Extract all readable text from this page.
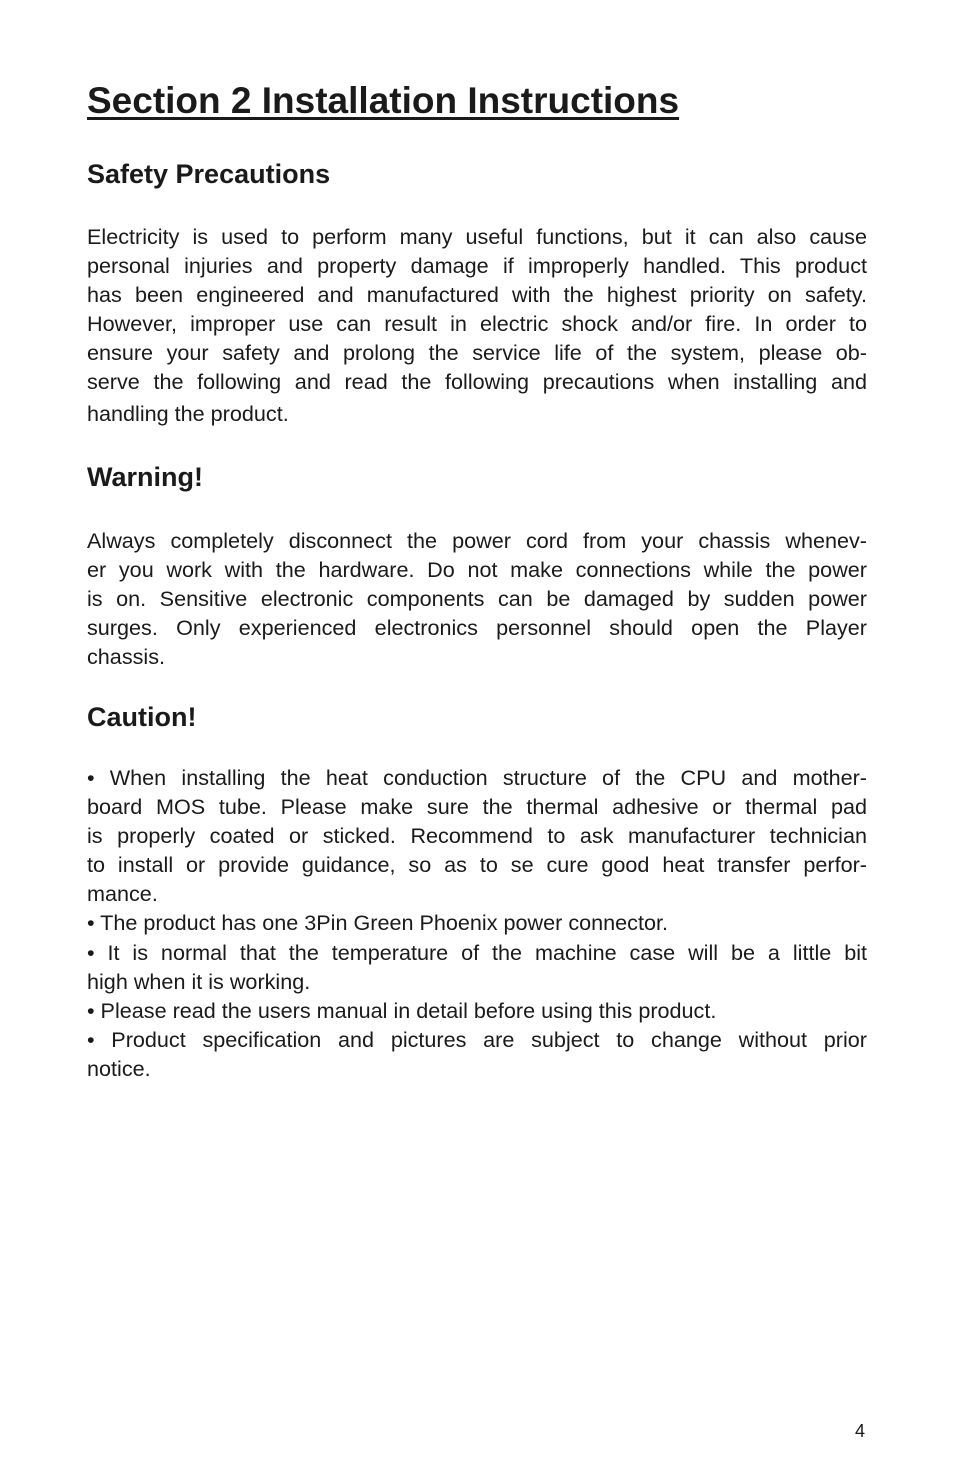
Section 2 Installation Instructions
Safety Precautions
Electricity is used to perform many useful functions, but it can also cause
personal injuries and property damage if improperly handled. This product
has been engineered and manufactured with the highest priority on safety.
However, improper use can result in electric shock and/or fire. In order to
ensure your safety and prolong the service life of the system, please ob-
serve the following and read the following precautions when installing and
handling the product.
Warning!
Always completely disconnect the power cord from your chassis whenev-
er you work with the hardware. Do not make connections while the power
is on. Sensitive electronic components can be damaged by sudden power
surges. Only experienced electronics personnel should open the Player
chassis.
Caution!
• When installing the heat conduction structure of the CPU and mother-
board MOS tube. Please make sure the thermal adhesive or thermal pad
is properly coated or sticked. Recommend to ask manufacturer technician
to install or provide guidance, so as to se cure good heat transfer perfor-
mance.
• The product has one 3Pin Green Phoenix power connector.
• It is normal that the temperature of the machine case will be a little bit
high when it is working.
• Please read the users manual in detail before using this product.
• Product specification and pictures are subject to change without prior
notice.

4
